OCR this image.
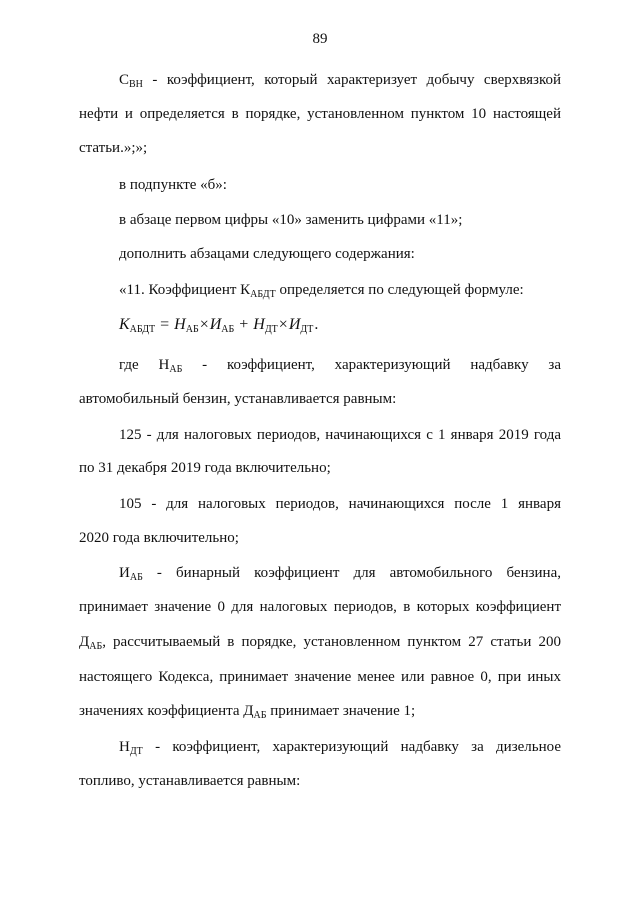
89
$С_{ВН}$ - коэффициент, который характеризует добычу сверхвязкой
нефти и определяется в порядке, установленном пунктом 10 настоящей
статьи.»;»;
в подпункте «б»:
в абзаце первом цифры «10» заменить цифрами «11»;
дополнить абзацами следующего содержания:
«11. Коэффициент $К_{АБДТ}$ определяется по следующей формуле:
$К_{АБДТ} = Н_{АБ}\times И_{АБ} + Н_{ДТ}\times И_{ДТ}$.
где $Н_{АБ}$ - коэффициент, характеризующий надбавку за
автомобильный бензин, устанавливается равным:
125 - для налоговых периодов, начинающихся с 1 января 2019 года
по 31 декабря 2019 года включительно;
105 - для налоговых периодов, начинающихся после 1 января
2020 года включительно;
$И_{АБ}$ - бинарный коэффициент для автомобильного бензина,
принимает значение 0 для налоговых периодов, в которых коэффициент
$Д_{АБ}$, рассчитываемый в порядке, установленном пунктом 27 статьи 200
настоящего Кодекса, принимает значение менее или равное 0, при иных
значениях коэффициента $Д_{АБ}$ принимает значение 1;
$Н_{ДТ}$ - коэффициент, характеризующий надбавку за дизельное
топливо, устанавливается равным:
